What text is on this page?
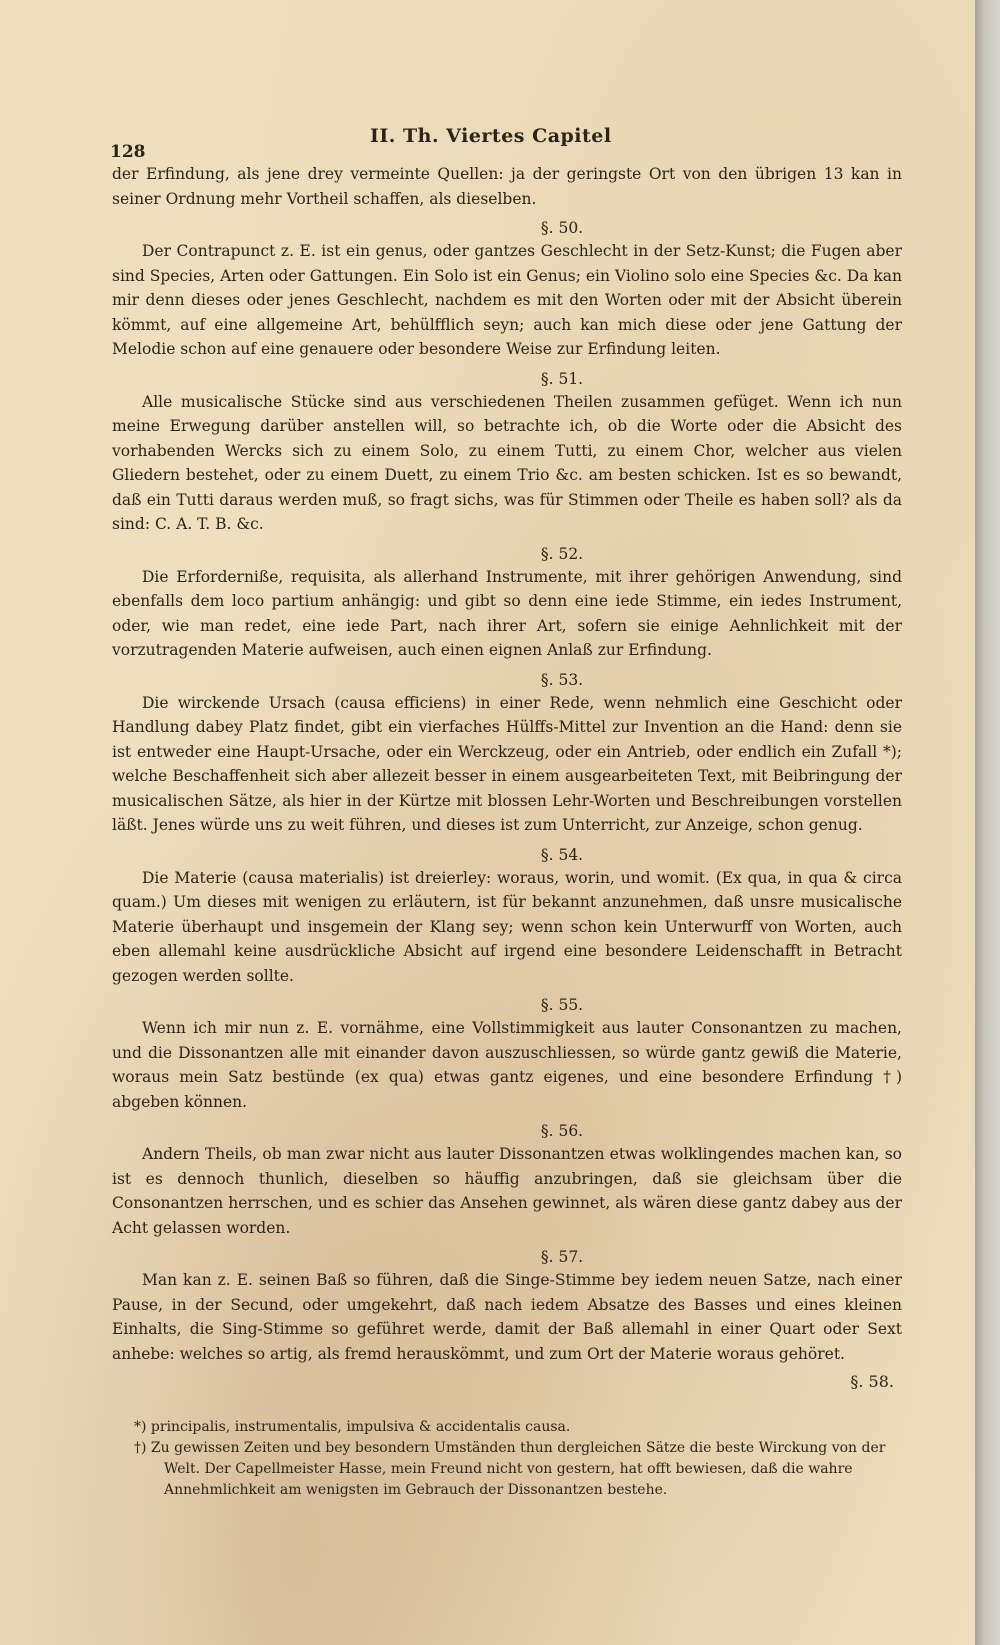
128
II. Th. Viertes Capitel

der Erfindung, als jene drey vermeinte Quellen: ja der geringste Ort von den übrigen 13 kan in seiner Ordnung mehr Vortheil schaffen, als dieselben.

§. 50.

Der Contrapunct z. E. ist ein genus, oder gantzes Geschlecht in der Setz-Kunst; die Fugen aber sind Species, Arten oder Gattungen. Ein Solo ist ein Genus; ein Violino solo eine Species &c. Da kan mir denn dieses oder jenes Geschlecht, nachdem es mit den Worten oder mit der Absicht überein kömmt, auf eine allgemeine Art, behülfflich seyn; auch kan mich diese oder jene Gattung der Melodie schon auf eine genauere oder besondere Weise zur Erfindung leiten.

§. 51.

Alle musicalische Stücke sind aus verschiedenen Theilen zusammen gefüget. Wenn ich nun meine Erwegung darüber anstellen will, so betrachte ich, ob die Worte oder die Absicht des vorhabenden Wercks sich zu einem Solo, zu einem Tutti, zu einem Chor, welcher aus vielen Gliedern bestehet, oder zu einem Duett, zu einem Trio &c. am besten schicken. Ist es so bewandt, daß ein Tutti daraus werden muß, so fragt sichs, was für Stimmen oder Theile es haben soll? als da sind: C. A. T. B. &c.

§. 52.

Die Erforderniße, requisita, als allerhand Instrumente, mit ihrer gehörigen Anwendung, sind ebenfalls dem loco partium anhängig: und gibt so denn eine iede Stimme, ein iedes Instrument, oder, wie man redet, eine iede Part, nach ihrer Art, sofern sie einige Aehnlichkeit mit der vorzutragenden Materie aufweisen, auch einen eignen Anlaß zur Erfindung.

§. 53.

Die wirckende Ursach (causa efficiens) in einer Rede, wenn nehmlich eine Geschicht oder Handlung dabey Platz findet, gibt ein vierfaches Hülffs-Mittel zur Invention an die Hand: denn sie ist entweder eine Haupt-Ursache, oder ein Werckzeug, oder ein Antrieb, oder endlich ein Zufall *); welche Beschaffenheit sich aber allezeit besser in einem ausgearbeiteten Text, mit Beibringung der musicalischen Sätze, als hier in der Kürtze mit blossen Lehr-Worten und Beschreibungen vorstellen läßt. Jenes würde uns zu weit führen, und dieses ist zum Unterricht, zur Anzeige, schon genug.

§. 54.

Die Materie (causa materialis) ist dreierley: woraus, worin, und womit. (Ex qua, in qua & circa quam.) Um dieses mit wenigen zu erläutern, ist für bekannt anzunehmen, daß unsre musicalische Materie überhaupt und insgemein der Klang sey; wenn schon kein Unterwurff von Worten, auch eben allemahl keine ausdrückliche Absicht auf irgend eine besondere Leidenschafft in Betracht gezogen werden sollte.

§. 55.

Wenn ich mir nun z. E. vornähme, eine Vollstimmigkeit aus lauter Consonantzen zu machen, und die Dissonantzen alle mit einander davon auszuschliessen, so würde gantz gewiß die Materie, woraus mein Satz bestünde (ex qua) etwas gantz eigenes, und eine besondere Erfindung †) abgeben können.

§. 56.

Andern Theils, ob man zwar nicht aus lauter Dissonantzen etwas wolklingendes machen kan, so ist es dennoch thunlich, dieselben so häuffig anzubringen, daß sie gleichsam über die Consonantzen herrschen, und es schier das Ansehen gewinnet, als wären diese gantz dabey aus der Acht gelassen worden.

§. 57.

Man kan z. E. seinen Baß so führen, daß die Singe-Stimme bey iedem neuen Satze, nach einer Pause, in der Secund, oder umgekehrt, daß nach iedem Absatze des Basses und eines kleinen Einhalts, die Sing-Stimme so geführet werde, damit der Baß allemahl in einer Quart oder Sext anhebe: welches so artig, als fremd herauskömmt, und zum Ort der Materie woraus gehöret.

§. 58.

*) principalis, instrumentalis, impulsiva & accidentalis causa.

†) Zu gewissen Zeiten und bey besondern Umständen thun dergleichen Sätze die beste Wirckung von der Welt. Der Capellmeister Hasse, mein Freund nicht von gestern, hat offt bewiesen, daß die wahre Annehmlichkeit am wenigsten im Gebrauch der Dissonantzen bestehe.
